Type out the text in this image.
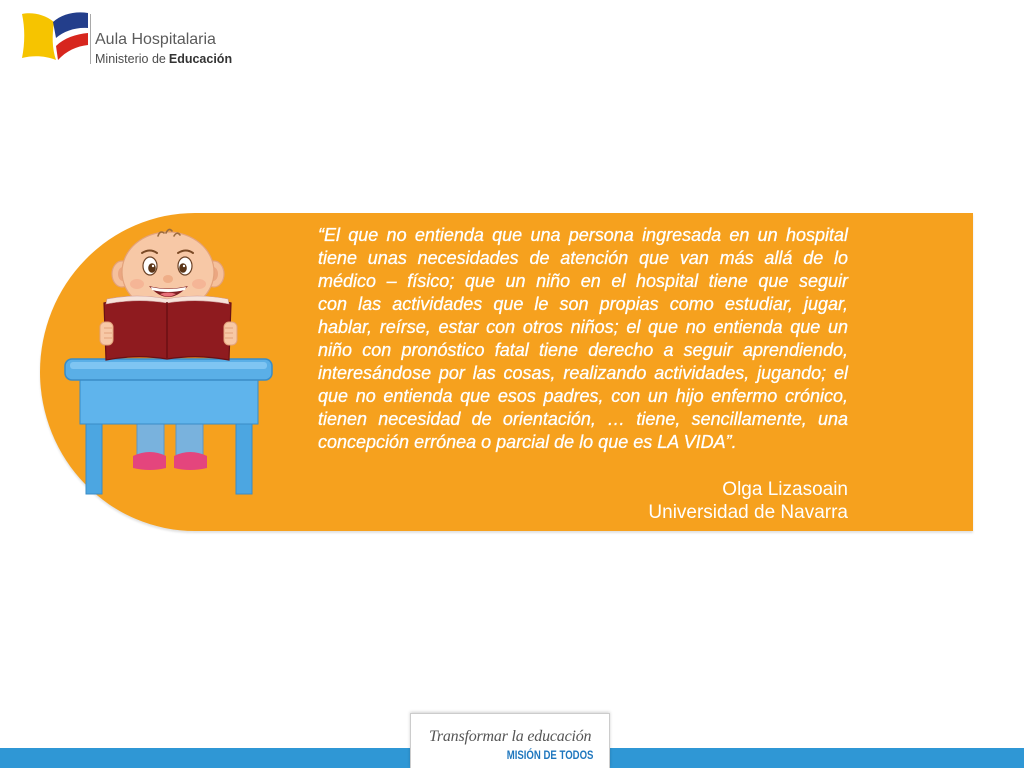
Aula Hospitalaria
Ministerio de Educación
“El que no entienda que una persona ingresada en un hospital
tiene unas necesidades de atención que van más allá de lo
médico – físico; que un niño en el hospital tiene que seguir
con las actividades que le son propias como estudiar, jugar,
hablar, reírse, estar con otros niños; el que no entienda que un
niño con pronóstico fatal tiene derecho a seguir aprendiendo,
interesándose por las cosas, realizando actividades, jugando; el
que no entienda que esos padres, con un hijo enfermo crónico,
tienen necesidad de orientación, … tiene, sencillamente, una
concepción errónea o parcial de lo que es LA VIDA”.
Olga Lizasoain
Universidad de Navarra
Transformar la educación
MISIÓN DE TODOS
